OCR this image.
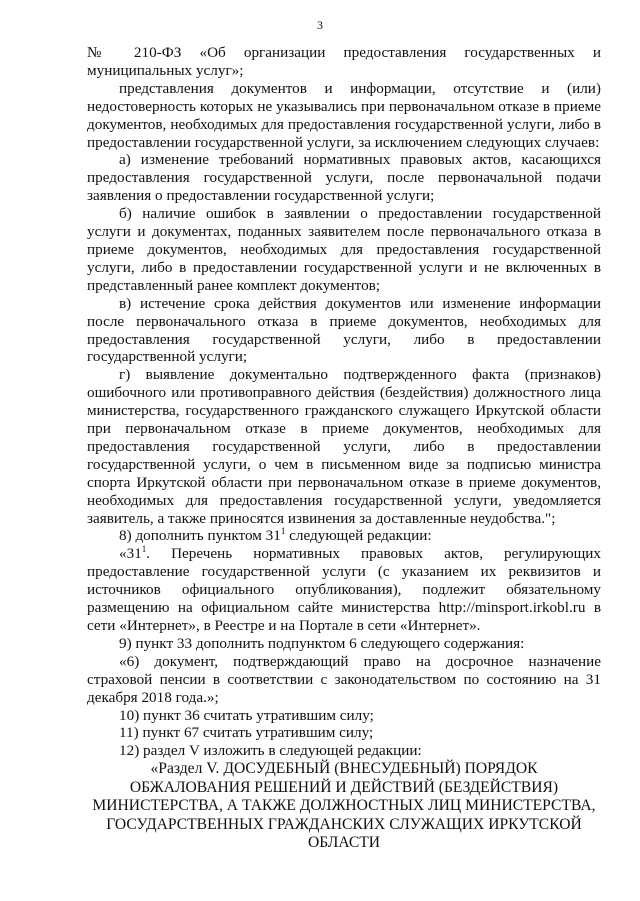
3

№ 210-ФЗ «Об организации предоставления государственных и муниципальных услуг»;

представления документов и информации, отсутствие и (или) недостоверность которых не указывались при первоначальном отказе в приеме документов, необходимых для предоставления государственной услуги, либо в предоставлении государственной услуги, за исключением следующих случаев:

а) изменение требований нормативных правовых актов, касающихся предоставления государственной услуги, после первоначальной подачи заявления о предоставлении государственной услуги;

б) наличие ошибок в заявлении о предоставлении государственной услуги и документах, поданных заявителем после первоначального отказа в приеме документов, необходимых для предоставления государственной услуги, либо в предоставлении государственной услуги и не включенных в представленный ранее комплект документов;

в) истечение срока действия документов или изменение информации после первоначального отказа в приеме документов, необходимых для предоставления государственной услуги, либо в предоставлении государственной услуги;

г) выявление документально подтвержденного факта (признаков) ошибочного или противоправного действия (бездействия) должностного лица министерства, государственного гражданского служащего Иркутской области при первоначальном отказе в приеме документов, необходимых для предоставления государственной услуги, либо в предоставлении государственной услуги, о чем в письменном виде за подписью министра спорта Иркутской области при первоначальном отказе в приеме документов, необходимых для предоставления государственной услуги, уведомляется заявитель, а также приносятся извинения за доставленные неудобства.";

8) дополнить пунктом $31^1$ следующей редакции:

«$31^1$. Перечень нормативных правовых актов, регулирующих предоставление государственной услуги (с указанием их реквизитов и источников официального опубликования), подлежит обязательному размещению на официальном сайте министерства http://minsport.irkobl.ru в сети «Интернет», в Реестре и на Портале в сети «Интернет».

9) пункт 33 дополнить подпунктом 6 следующего содержания:

«6) документ, подтверждающий право на досрочное назначение страховой пенсии в соответствии с законодательством по состоянию на 31 декабря 2018 года.»;

10) пункт 36 считать утратившим силу;

11) пункт 67 считать утратившим силу;

12) раздел V изложить в следующей редакции:

«Раздел V. ДОСУДЕБНЫЙ (ВНЕСУДЕБНЫЙ) ПОРЯДОК

ОБЖАЛОВАНИЯ РЕШЕНИЙ И ДЕЙСТВИЙ (БЕЗДЕЙСТВИЯ)

МИНИСТЕРСТВА, А ТАКЖЕ ДОЛЖНОСТНЫХ ЛИЦ МИНИСТЕРСТВА,

ГОСУДАРСТВЕННЫХ ГРАЖДАНСКИХ СЛУЖАЩИХ ИРКУТСКОЙ

ОБЛАСТИ
